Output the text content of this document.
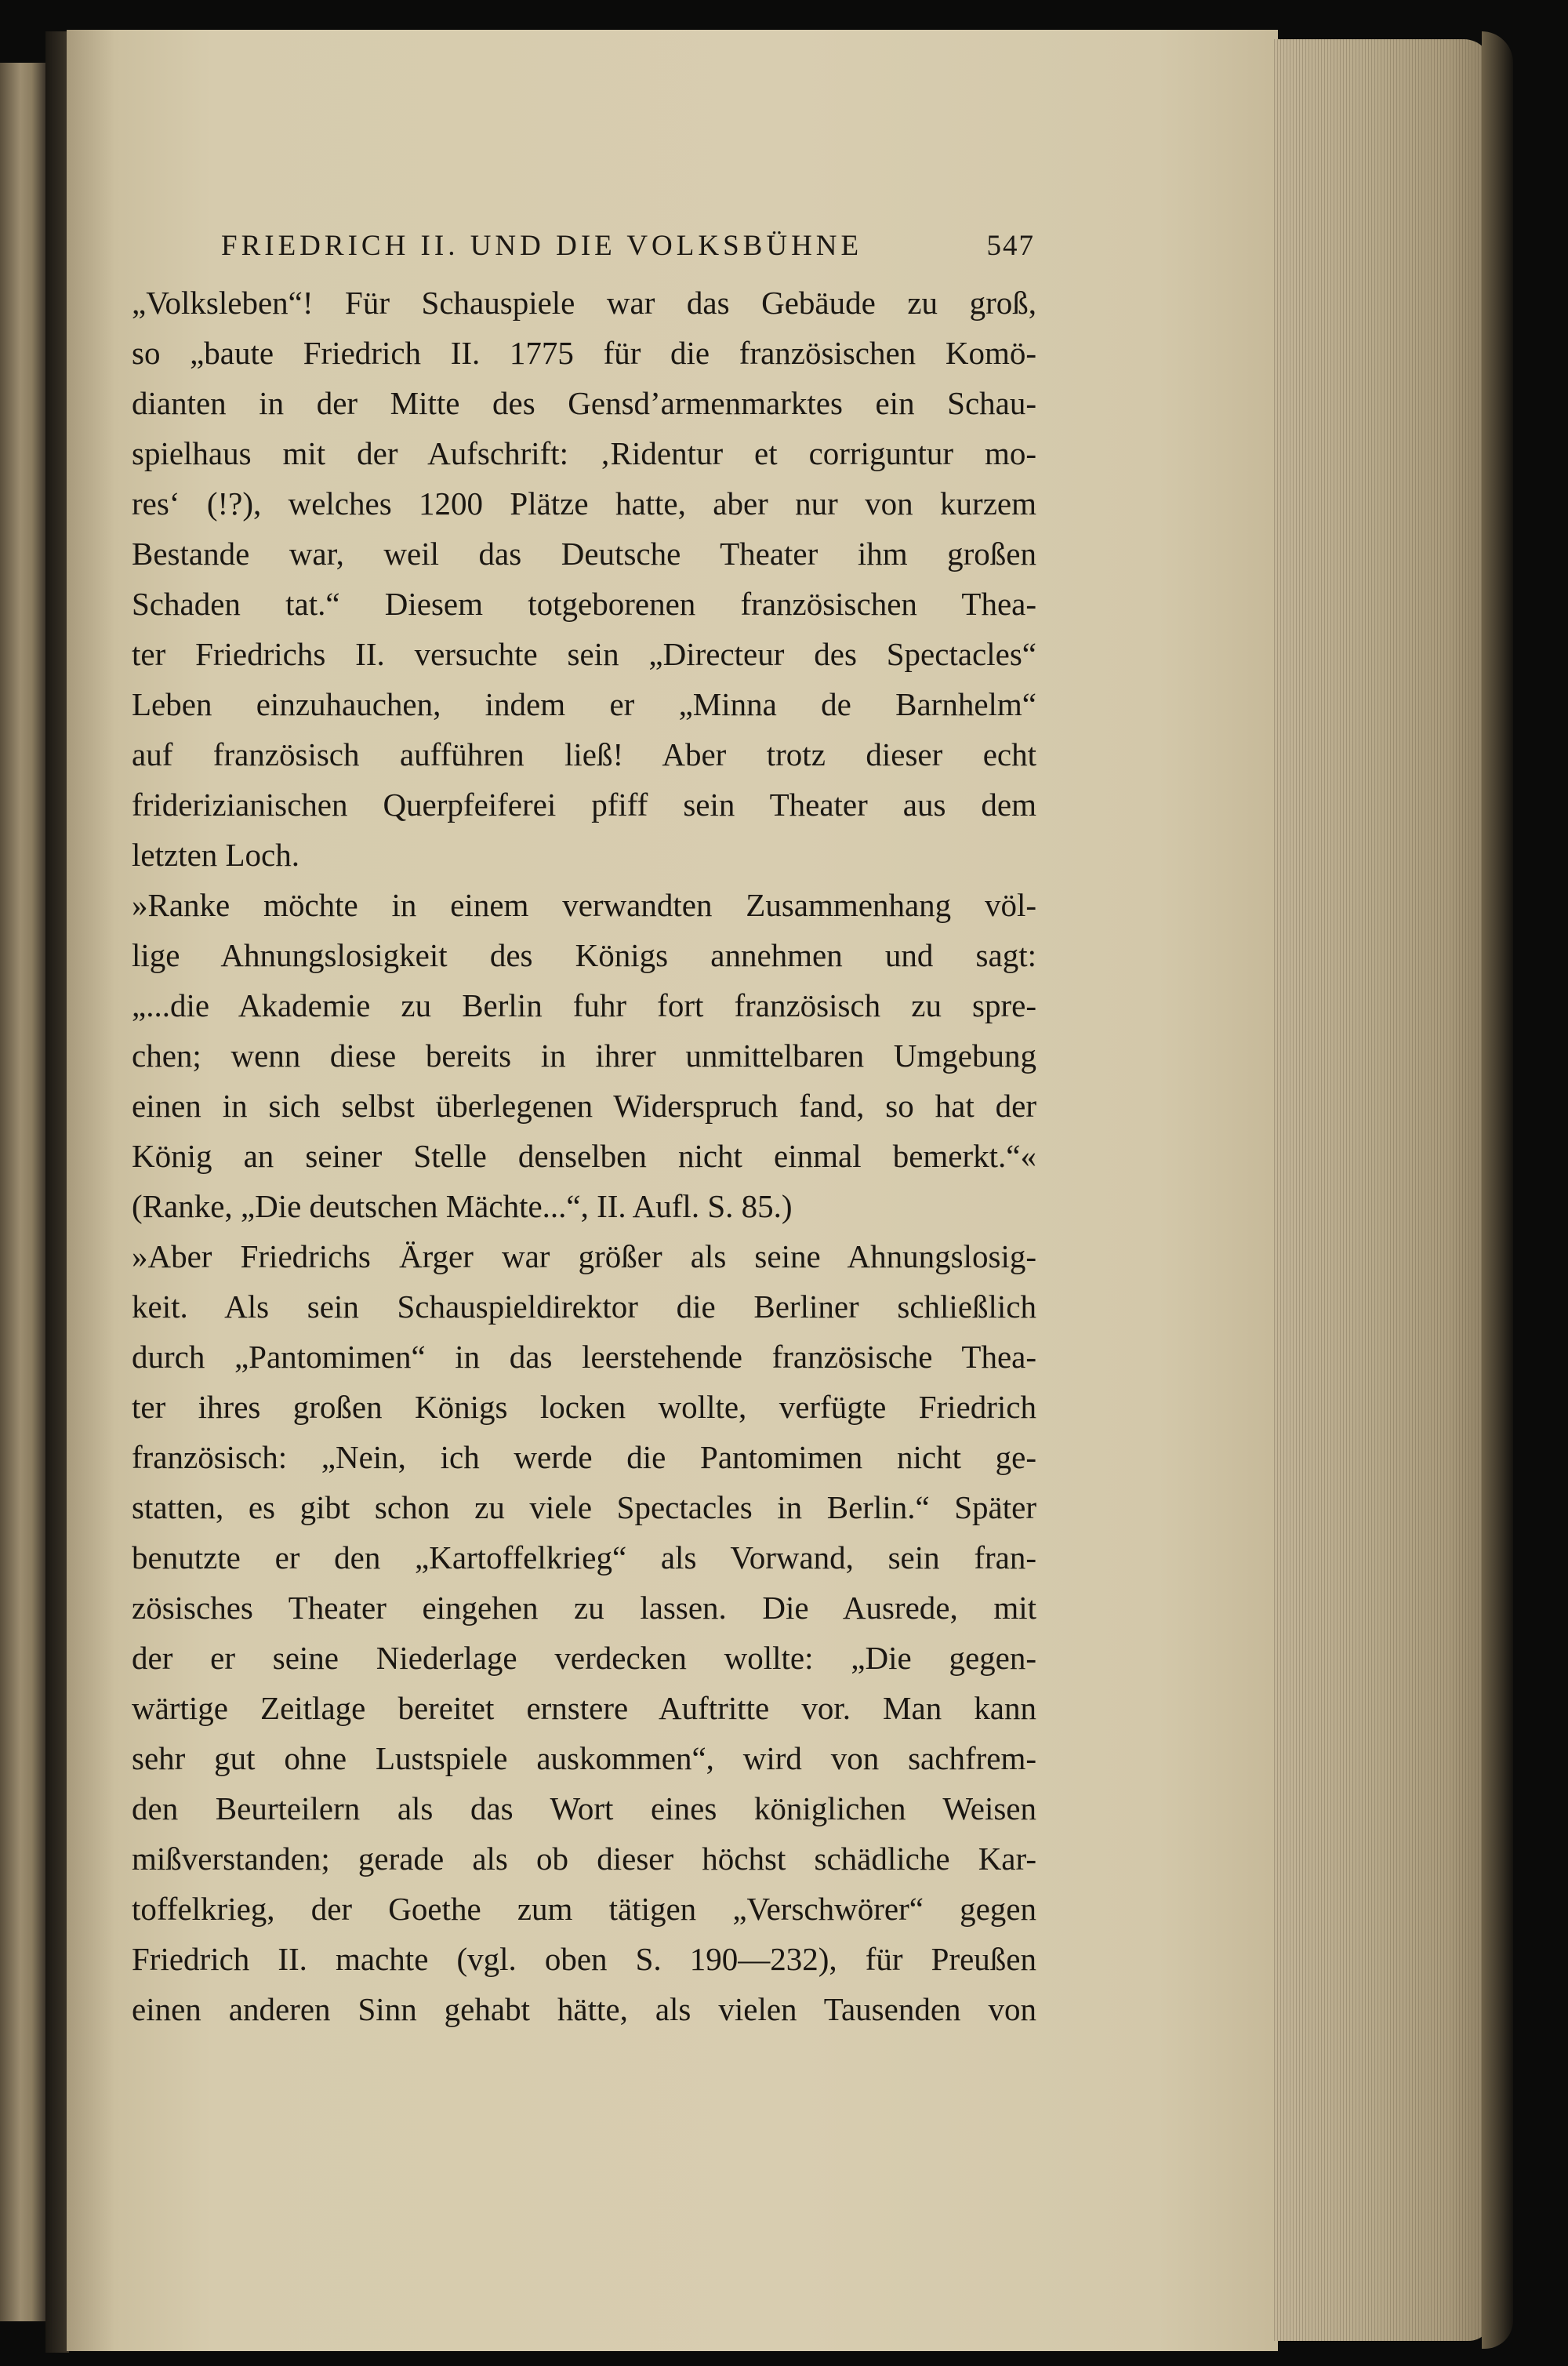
FRIEDRICH II. UND DIE VOLKSBÜHNE	547
„Volksleben“! Für Schauspiele war das Gebäude zu groß,
so „baute Friedrich II. 1775 für die französischen Komö-
dianten in der Mitte des Gensd’armenmarktes ein Schau-
spielhaus mit der Aufschrift: ‚Ridentur et corriguntur mo-
res‘ (!?), welches 1200 Plätze hatte, aber nur von kurzem
Bestande war, weil das Deutsche Theater ihm großen
Schaden tat.“ Diesem totgeborenen französischen Thea-
ter Friedrichs II. versuchte sein „Directeur des Spectacles“
Leben einzuhauchen, indem er „Minna de Barnhelm“
auf französisch aufführen ließ! Aber trotz dieser echt
friderizianischen Querpfeiferei pfiff sein Theater aus dem
letzten Loch.
»Ranke möchte in einem verwandten Zusammenhang völ-
lige Ahnungslosigkeit des Königs annehmen und sagt:
„...die Akademie zu Berlin fuhr fort französisch zu spre-
chen; wenn diese bereits in ihrer unmittelbaren Umgebung
einen in sich selbst überlegenen Widerspruch fand, so hat der
König an seiner Stelle denselben nicht einmal bemerkt.“«
(Ranke, „Die deutschen Mächte...“, II. Aufl. S. 85.)
»Aber Friedrichs Ärger war größer als seine Ahnungslosig-
keit. Als sein Schauspieldirektor die Berliner schließlich
durch „Pantomimen“ in das leerstehende französische Thea-
ter ihres großen Königs locken wollte, verfügte Friedrich
französisch: „Nein, ich werde die Pantomimen nicht ge-
statten, es gibt schon zu viele Spectacles in Berlin.“ Später
benutzte er den „Kartoffelkrieg“ als Vorwand, sein fran-
zösisches Theater eingehen zu lassen. Die Ausrede, mit
der er seine Niederlage verdecken wollte: „Die gegen-
wärtige Zeitlage bereitet ernstere Auftritte vor. Man kann
sehr gut ohne Lustspiele auskommen“, wird von sachfrem-
den Beurteilern als das Wort eines königlichen Weisen
mißverstanden; gerade als ob dieser höchst schädliche Kar-
toffelkrieg, der Goethe zum tätigen „Verschwörer“ gegen
Friedrich II. machte (vgl. oben S. 190—232), für Preußen
einen anderen Sinn gehabt hätte, als vielen Tausenden von
